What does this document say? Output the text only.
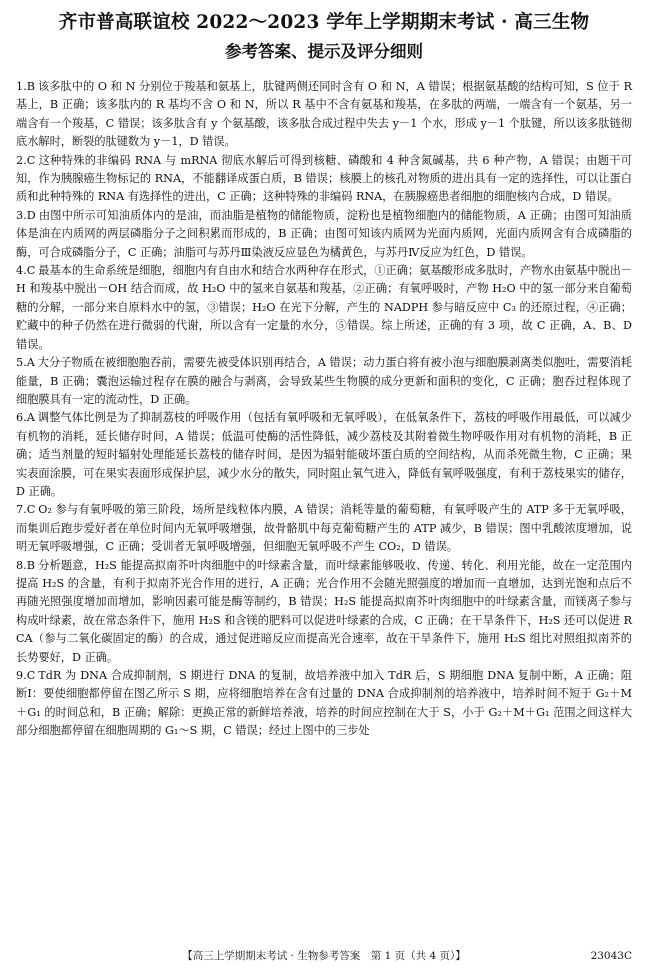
齐市普高联谊校 2022～2023 学年上学期期末考试 · 高三生物
参考答案、提示及评分细则

1.B 该多肽中的 O 和 N 分别位于羧基和氨基上，肽键两侧还同时含有 O 和 N，A 错误；根据氨基酸的结构可知，S 位于 R 基上，B 正确；该多肽内的 R 基均不含 O 和 N，所以 R 基中不含有氨基和羧基，在多肽的两端，一端含有一个氨基，另一端含有一个羧基，C 错误；该多肽含有 y 个氨基酸，该多肽合成过程中失去 y－1 个水，形成 y－1 个肽键，所以该多肽链彻底水解时，断裂的肽键数为 y－1，D 错误。

2.C 这种特殊的非编码 RNA 与 mRNA 彻底水解后可得到核糖、磷酸和 4 种含氮碱基，共 6 种产物，A 错误；由题干可知，作为胰腺癌生物标记的 RNA，不能翻译成蛋白质，B 错误；核膜上的核孔对物质的进出具有一定的选择性，可以让蛋白质和此种特殊的 RNA 有选择性的进出，C 正确；这种特殊的非编码 RNA，在胰腺癌患者细胞的细胞核内合成，D 错误。

3.D 由图中所示可知油质体内的是油，而油脂是植物的储能物质，淀粉也是植物细胞内的储能物质，A 正确；由图可知油质体是油在内质网的两层磷脂分子之间积累而形成的，B 正确；由图可知该内质网为光面内质网，光面内质网含有合成磷脂的酶，可合成磷脂分子，C 正确；油脂可与苏丹Ⅲ染液反应显色为橘黄色，与苏丹Ⅳ反应为红色，D 错误。

4.C 最基本的生命系统是细胞，细胞内有自由水和结合水两种存在形式，①正确；氨基酸形成多肽时，产物水由氨基中脱出－H 和羧基中脱出－OH 结合而成，故 H₂O 中的氢来自氨基和羧基，②正确；有氧呼吸时，产物 H₂O 中的氢一部分来自葡萄糖的分解，一部分来自原料水中的氢，③错误；H₂O 在光下分解，产生的 NADPH 参与暗反应中 C₃ 的还原过程，④正确；贮藏中的种子仍然在进行微弱的代谢，所以含有一定量的水分，⑤错误。综上所述，正确的有 3 项，故 C 正确，A、B、D 错误。

5.A 大分子物质在被细胞胞吞前，需要先被受体识别再结合，A 错误；动力蛋白将有被小泡与细胞膜剥离类似胞吐，需要消耗能量，B 正确；囊泡运输过程存在膜的融合与剥离，会导致某些生物膜的成分更新和面积的变化，C 正确；胞吞过程体现了细胞膜具有一定的流动性，D 正确。

6.A 调整气体比例是为了抑制荔枝的呼吸作用（包括有氧呼吸和无氧呼吸），在低氧条件下，荔枝的呼吸作用最低，可以减少有机物的消耗，延长储存时间，A 错误；低温可使酶的活性降低，减少荔枝及其附着微生物呼吸作用对有机物的消耗，B 正确；适当剂量的短时辐射处理能延长荔枝的储存时间，是因为辐射能破坏蛋白质的空间结构，从而杀死微生物，C 正确；果实表面涂膜，可在果实表面形成保护层，减少水分的散失，同时阻止氧气进入，降低有氧呼吸强度，有利于荔枝果实的储存，D 正确。

7.C O₂ 参与有氧呼吸的第三阶段，场所是线粒体内膜，A 错误；消耗等量的葡萄糖，有氧呼吸产生的 ATP 多于无氧呼吸，而集训后跑步爱好者在单位时间内无氧呼吸增强，故骨骼肌中每克葡萄糖产生的 ATP 减少，B 错误；图中乳酸浓度增加，说明无氧呼吸增强，C 正确；受训者无氧呼吸增强，但细胞无氧呼吸不产生 CO₂，D 错误。

8.B 分析题意，H₂S 能提高拟南芥叶肉细胞中的叶绿素含量，而叶绿素能够吸收、传递、转化、利用光能，故在一定范围内提高 H₂S 的含量，有利于拟南芥光合作用的进行，A 正确；光合作用不会随光照强度的增加而一直增加，达到光饱和点后不再随光照强度增加而增加，影响因素可能是酶等制约，B 错误；H₂S 能提高拟南芥叶肉细胞中的叶绿素含量，而镁离子参与构成叶绿素，故在常态条件下，施用 H₂S 和含镁的肥料可以促进叶绿素的合成，C 正确；在干旱条件下，H₂S 还可以促进 RCA（参与二氧化碳固定的酶）的合成，通过促进暗反应而提高光合速率，故在干旱条件下，施用 H₂S 组比对照组拟南芥的长势要好，D 正确。

9.C TdR 为 DNA 合成抑制剂，S 期进行 DNA 的复制，故培养液中加入 TdR 后，S 期细胞 DNA 复制中断，A 正确；阻断Ⅰ：要使细胞都停留在图乙所示 S 期，应将细胞培养在含有过量的 DNA 合成抑制剂的培养液中，培养时间不短于 G₂＋M＋G₁ 的时间总和，B 正确；解除：更换正常的新鲜培养液，培养的时间应控制在大于 S，小于 G₂＋M＋G₁ 范围之间这样大部分细胞都停留在细胞周期的 G₁～S 期，C 错误；经过上图中的三步处

【高三上学期期末考试 · 生物参考答案　第 1 页（共 4 页）】	23043C
